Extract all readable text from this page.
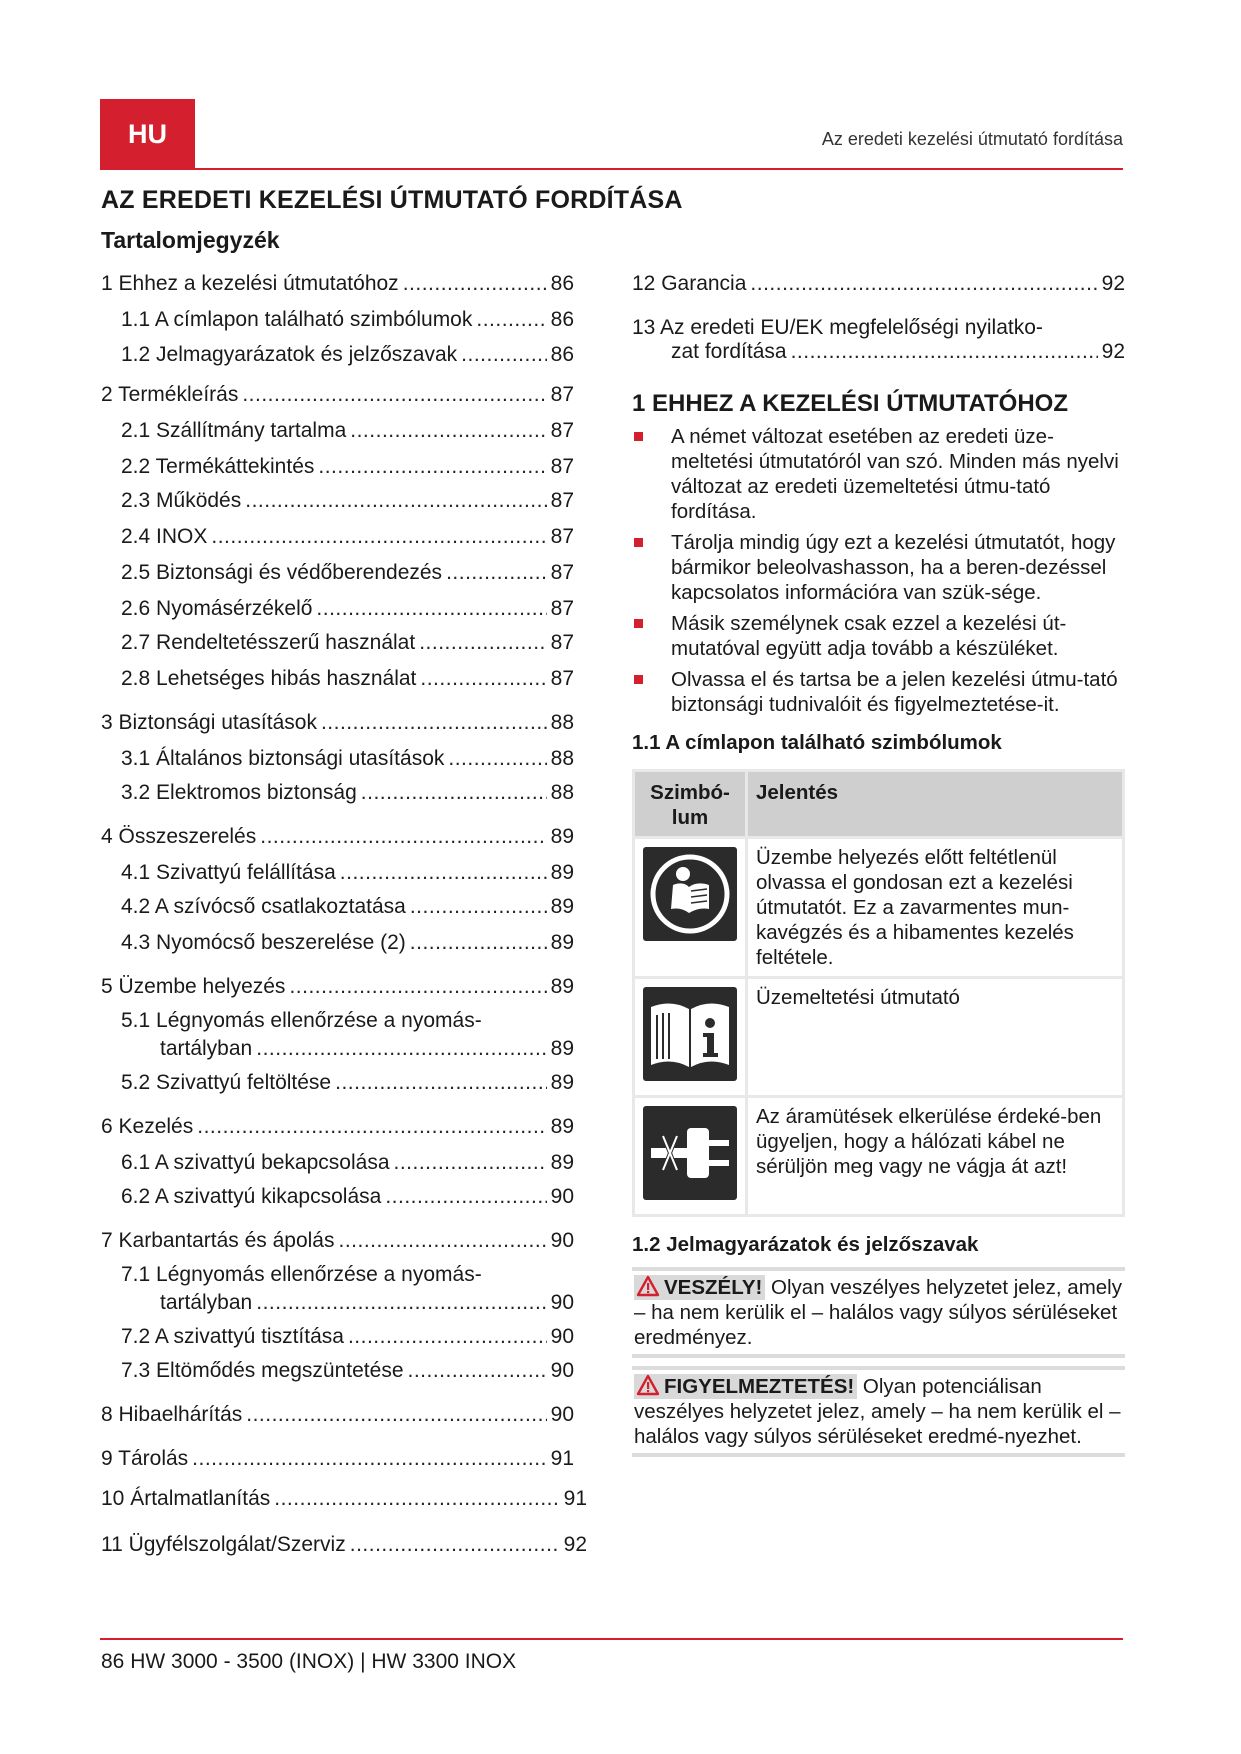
HU	Az eredeti kezelési útmutató fordítása
AZ EREDETI KEZELÉSI ÚTMUTATÓ FORDÍTÁSA
Tartalomjegyzék
1 Ehhez a kezelési útmutatóhoz .....	86
1.1 A címlapon található szimbólumok .....	86
1.2 Jelmagyarázatok és jelzőszavak .....	86
2 Termékleírás .....	87
2.1 Szállítmány tartalma .....	87
2.2 Termékáttekintés .....	87
2.3 Működés .....	87
2.4 INOX .....	87
2.5 Biztonsági és védőberendezés .....	87
2.6 Nyomásérzékelő .....	87
2.7 Rendeltetésszerű használat .....	87
2.8 Lehetséges hibás használat .....	87
3 Biztonsági utasítások .....	88
3.1 Általános biztonsági utasítások .....	88
3.2 Elektromos biztonság .....	88
4 Összeszerelés .....	89
4.1 Szivattyú felállítása .....	89
4.2 A szívócső csatlakoztatása .....	89
4.3 Nyomócső beszerelése (2) .....	89
5 Üzembe helyezés .....	89
5.1 Légnyomás ellenőrzése a nyomás-
tartályban .....	89
5.2 Szivattyú feltöltése .....	89
6 Kezelés .....	89
6.1 A szivattyú bekapcsolása .....	89
6.2 A szivattyú kikapcsolása .....	90
7 Karbantartás és ápolás .....	90
7.1 Légnyomás ellenőrzése a nyomás-
tartályban .....	90
7.2 A szivattyú tisztítása .....	90
7.3 Eltömődés megszüntetése .....	90
8 Hibaelhárítás .....	90
9 Tárolás .....	91
10 Ártalmatlanítás .....	91
11 Ügyfélszolgálat/Szerviz .....	92
12 Garancia .....	92
13 Az eredeti EU/EK megfelelőségi nyilatko-
zat fordítása .....	92
1 EHHEZ A KEZELÉSI ÚTMUTATÓHOZ
A német változat esetében az eredeti üze-meltetési útmutatóról van szó. Minden más nyelvi változat az eredeti üzemeltetési útmu-tató fordítása.
Tárolja mindig úgy ezt a kezelési útmutatót, hogy bármikor beleolvashasson, ha a beren-dezéssel kapcsolatos információra van szük-sége.
Másik személynek csak ezzel a kezelési út-mutatóval együtt adja tovább a készüléket.
Olvassa el és tartsa be a jelen kezelési útmu-tató biztonsági tudnivalóit és figyelmeztetése-it.
1.1 A címlapon található szimbólumok
Szimbó-lum	Jelentés
	Üzembe helyezés előtt feltétlenül olvassa el gondosan ezt a kezelési útmutatót. Ez a zavarmentes mun-kavégzés és a hibamentes kezelés feltétele.
	Üzemeltetési útmutató
	Az áramütések elkerülése érdeké-ben ügyeljen, hogy a hálózati kábel ne sérüljön meg vagy ne vágja át azt!
1.2 Jelmagyarázatok és jelzőszavak
VESZÉLY! Olyan veszélyes helyzetet jelez, amely – ha nem kerülik el – halálos vagy súlyos sérüléseket eredményez.
FIGYELMEZTETÉS! Olyan potenciálisan veszélyes helyzetet jelez, amely – ha nem kerülik el – halálos vagy súlyos sérüléseket eredmé-nyezhet.
86 HW 3000 - 3500 (INOX) | HW 3300 INOX
